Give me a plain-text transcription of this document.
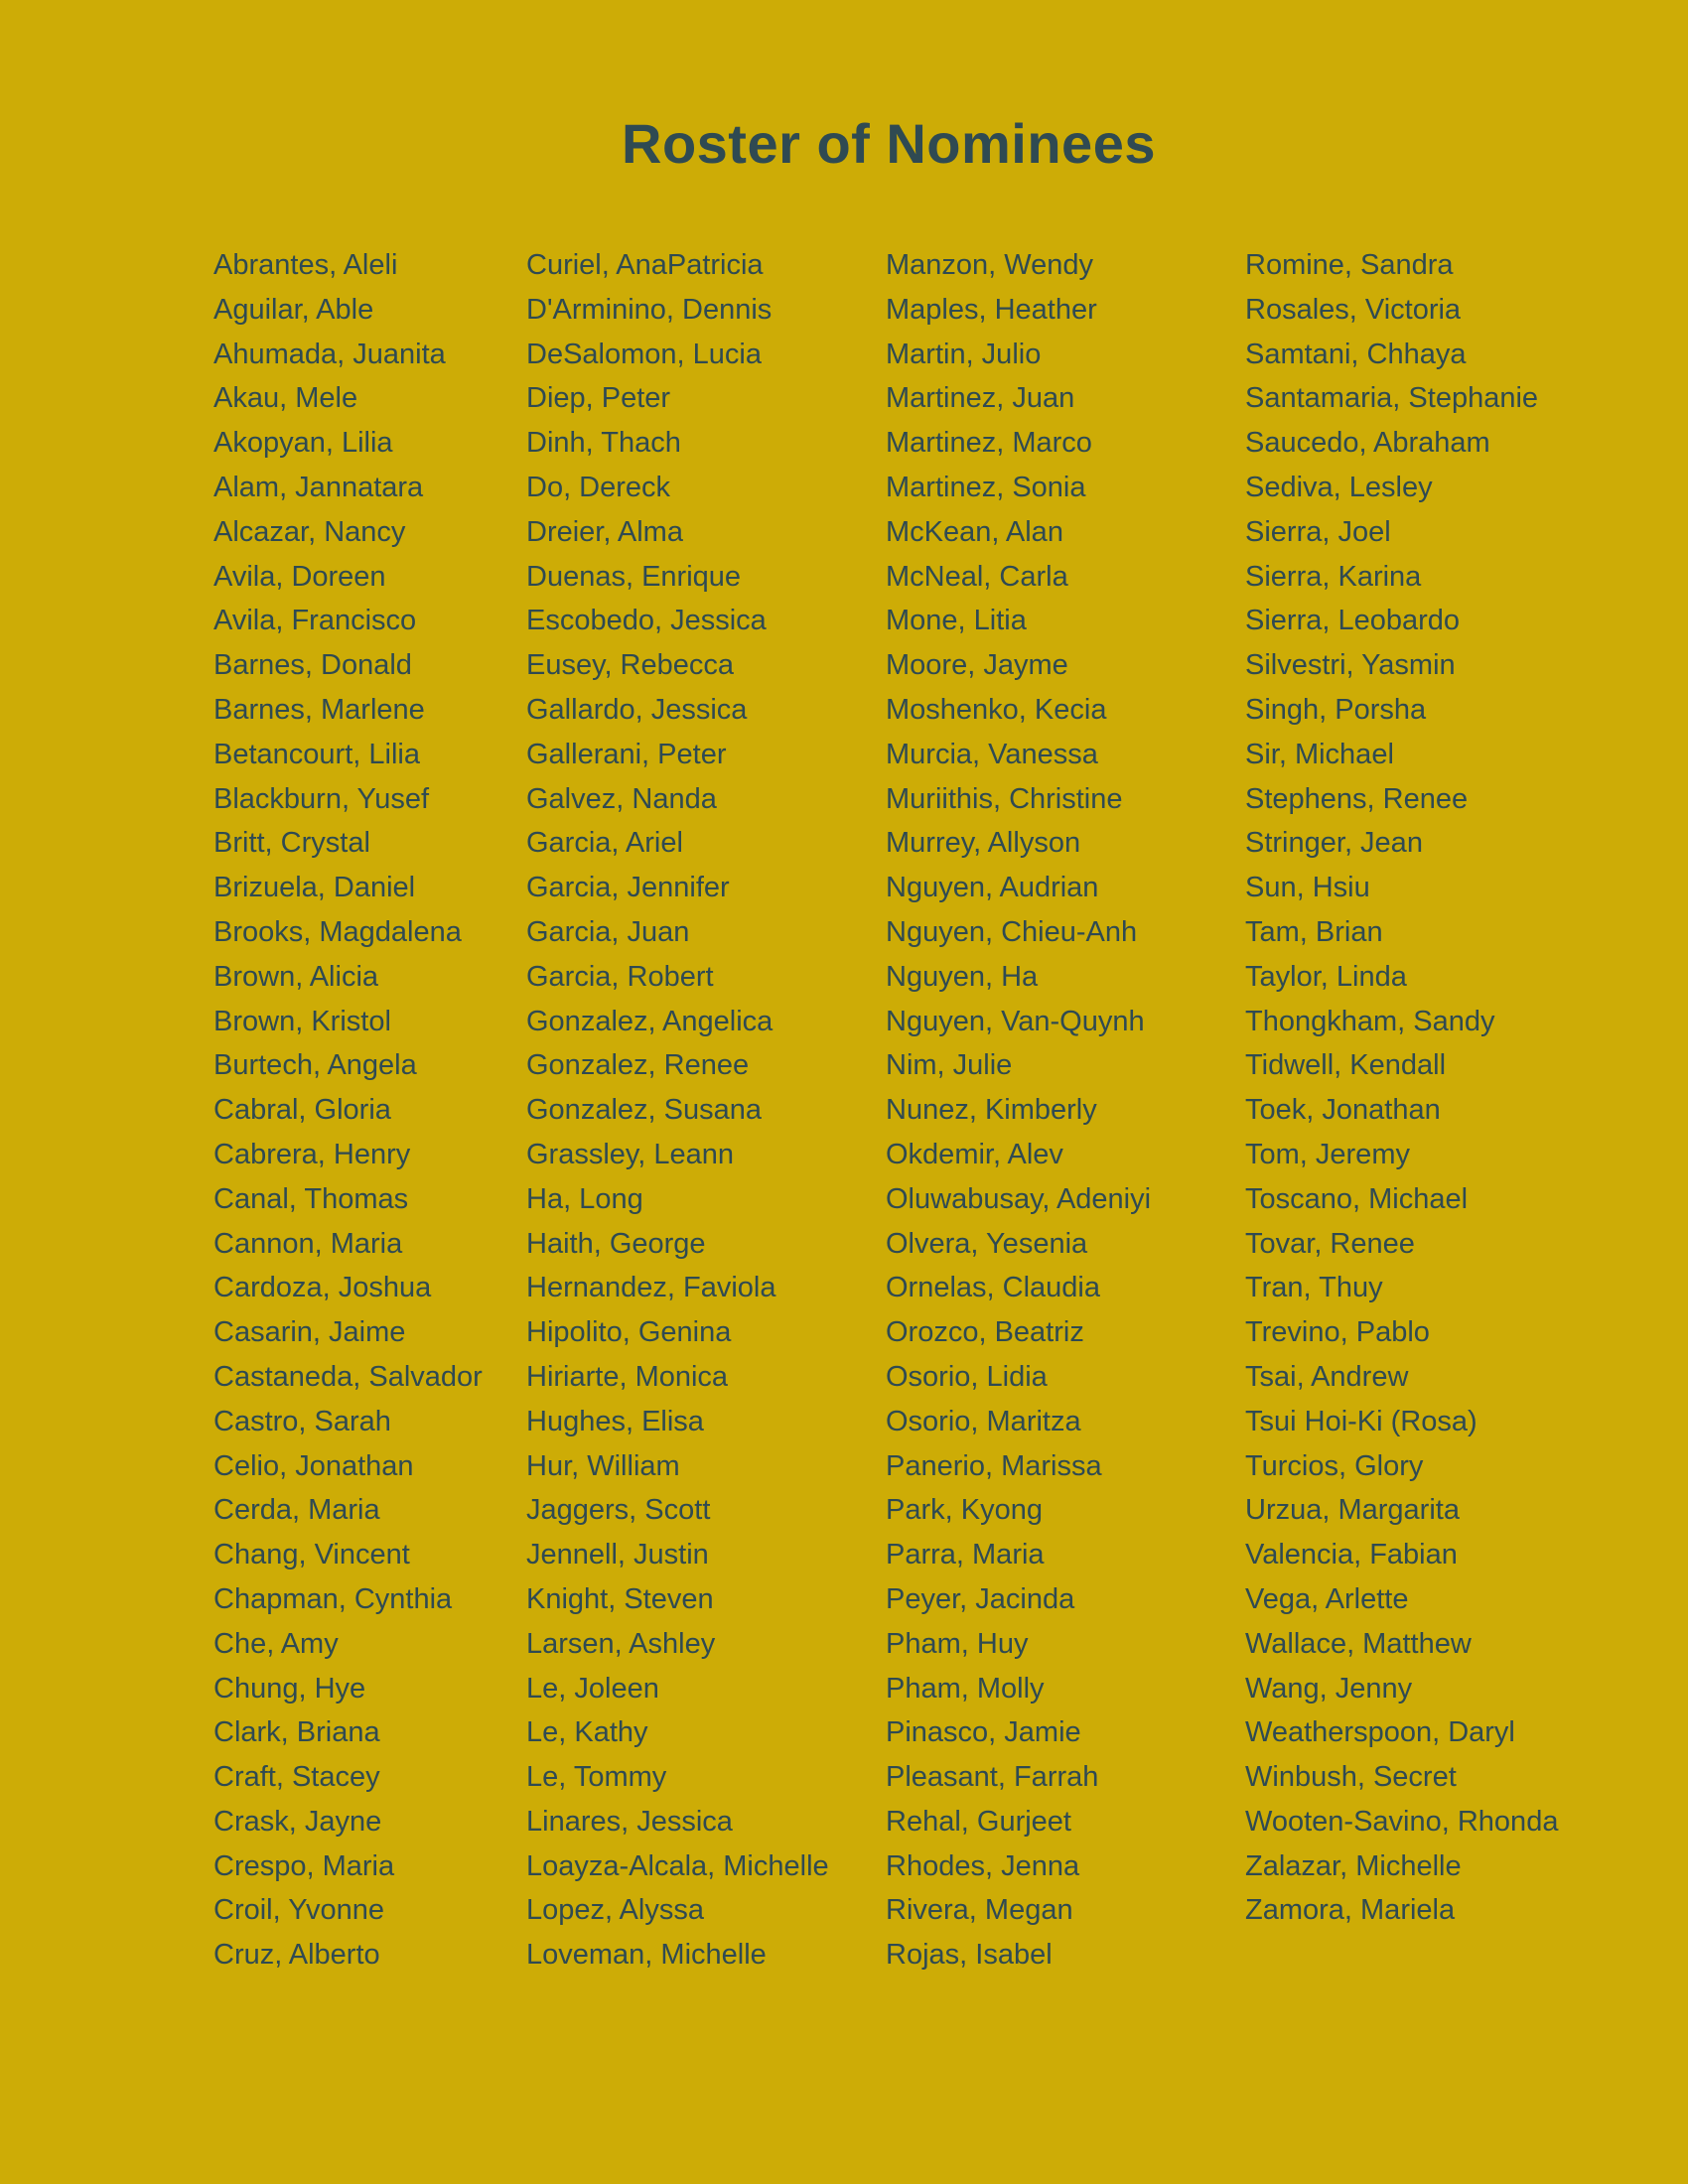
Roster of Nominees
Abrantes, Aleli
Aguilar, Able
Ahumada, Juanita
Akau, Mele
Akopyan, Lilia
Alam, Jannatara
Alcazar, Nancy
Avila, Doreen
Avila, Francisco
Barnes, Donald
Barnes, Marlene
Betancourt, Lilia
Blackburn, Yusef
Britt, Crystal
Brizuela, Daniel
Brooks, Magdalena
Brown, Alicia
Brown, Kristol
Burtech, Angela
Cabral, Gloria
Cabrera, Henry
Canal, Thomas
Cannon, Maria
Cardoza, Joshua
Casarin, Jaime
Castaneda, Salvador
Castro, Sarah
Celio, Jonathan
Cerda, Maria
Chang, Vincent
Chapman, Cynthia
Che, Amy
Chung, Hye
Clark, Briana
Craft, Stacey
Crask, Jayne
Crespo, Maria
Croil, Yvonne
Cruz, Alberto
Curiel, AnaPatricia
D'Arminino, Dennis
DeSalomon, Lucia
Diep, Peter
Dinh, Thach
Do, Dereck
Dreier, Alma
Duenas, Enrique
Escobedo, Jessica
Eusey, Rebecca
Gallardo, Jessica
Gallerani, Peter
Galvez, Nanda
Garcia, Ariel
Garcia, Jennifer
Garcia, Juan
Garcia, Robert
Gonzalez, Angelica
Gonzalez, Renee
Gonzalez, Susana
Grassley, Leann
Ha, Long
Haith, George
Hernandez, Faviola
Hipolito, Genina
Hiriarte, Monica
Hughes, Elisa
Hur, William
Jaggers, Scott
Jennell, Justin
Knight, Steven
Larsen, Ashley
Le, Joleen
Le, Kathy
Le, Tommy
Linares, Jessica
Loayza-Alcala, Michelle
Lopez, Alyssa
Loveman, Michelle
Manzon, Wendy
Maples, Heather
Martin, Julio
Martinez, Juan
Martinez, Marco
Martinez, Sonia
McKean, Alan
McNeal, Carla
Mone, Litia
Moore, Jayme
Moshenko, Kecia
Murcia, Vanessa
Muriithis, Christine
Murrey, Allyson
Nguyen, Audrian
Nguyen, Chieu-Anh
Nguyen, Ha
Nguyen, Van-Quynh
Nim, Julie
Nunez, Kimberly
Okdemir, Alev
Oluwabusay, Adeniyi
Olvera, Yesenia
Ornelas, Claudia
Orozco, Beatriz
Osorio, Lidia
Osorio, Maritza
Panerio, Marissa
Park, Kyong
Parra, Maria
Peyer, Jacinda
Pham, Huy
Pham, Molly
Pinasco, Jamie
Pleasant, Farrah
Rehal, Gurjeet
Rhodes, Jenna
Rivera, Megan
Rojas, Isabel
Romine, Sandra
Rosales, Victoria
Samtani, Chhaya
Santamaria, Stephanie
Saucedo, Abraham
Sediva, Lesley
Sierra, Joel
Sierra, Karina
Sierra, Leobardo
Silvestri, Yasmin
Singh, Porsha
Sir, Michael
Stephens, Renee
Stringer, Jean
Sun, Hsiu
Tam, Brian
Taylor, Linda
Thongkham, Sandy
Tidwell, Kendall
Toek, Jonathan
Tom, Jeremy
Toscano, Michael
Tovar, Renee
Tran, Thuy
Trevino, Pablo
Tsai, Andrew
Tsui Hoi-Ki (Rosa)
Turcios, Glory
Urzua, Margarita
Valencia, Fabian
Vega, Arlette
Wallace, Matthew
Wang, Jenny
Weatherspoon, Daryl
Winbush, Secret
Wooten-Savino, Rhonda
Zalazar, Michelle
Zamora, Mariela
